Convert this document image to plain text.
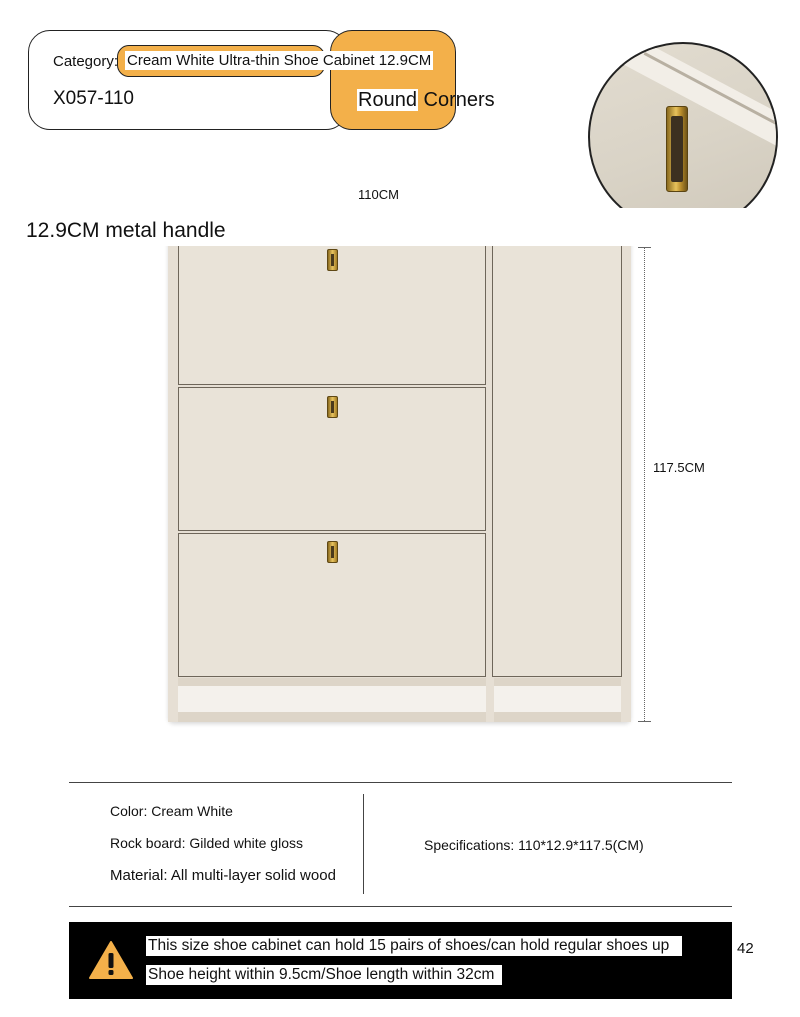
Category: Cream White Ultra-thin Shoe Cabinet 12.9CM
X057-110	Round Corners
110CM
12.9CM metal handle
117.5CM
Color: Cream White
Rock board: Gilded white gloss
Material: All multi-layer solid wood
Specifications: 110*12.9*117.5(CM)
This size shoe cabinet can hold 15 pairs of shoes/can hold regular shoes up
Shoe height within 9.5cm/Shoe length within 32cm
42
